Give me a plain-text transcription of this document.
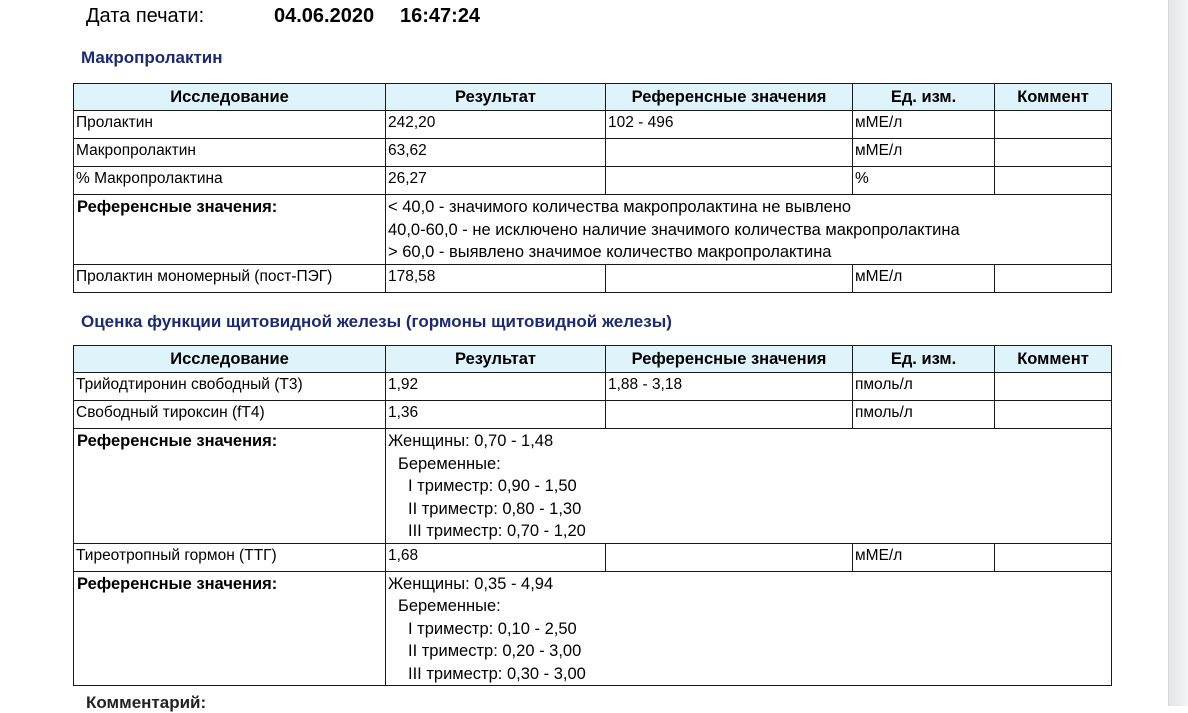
Дата печати:	04.06.2020 16:47:24
Макропролактин
Исследование	Результат	Референсные значения	Ед. изм.	Коммент
Пролактин	242,20	102 - 496	мМЕ/л	
Макропролактин	63,62		мМЕ/л	
% Макропролактина	26,27		%	
Референсные значения:	< 40,0 - значимого количества макропролактина не вывлено
40,0-60,0 - не исключено наличие значимого количества макропролактина
> 60,0 - выявлено значимое количество макропролактина			

Пролактин мономерный (пост-ПЭГ)	178,58		мМЕ/л	
Оценка функции щитовидной железы (гормоны щитовидной железы)
Исследование	Результат	Референсные значения	Ед. изм.	Коммент
Трийодтиронин свободный (Т3)	1,92	1,88 - 3,18	пмоль/л	
Свободный тироксин (fT4)	1,36		пмоль/л	
Референсные значения:	Женщины: 0,70 - 1,48
Беременные:
I триместр: 0,90 - 1,50
II триместр: 0,80 - 1,30
III триместр: 0,70 - 1,20			

Тиреотропный гормон (ТТГ)	1,68		мМЕ/л	
Референсные значения:	Женщины: 0,35 - 4,94
Беременные:
I триместр: 0,10 - 2,50
II триместр: 0,20 - 3,00
III триместр: 0,30 - 3,00			
Комментарий:
